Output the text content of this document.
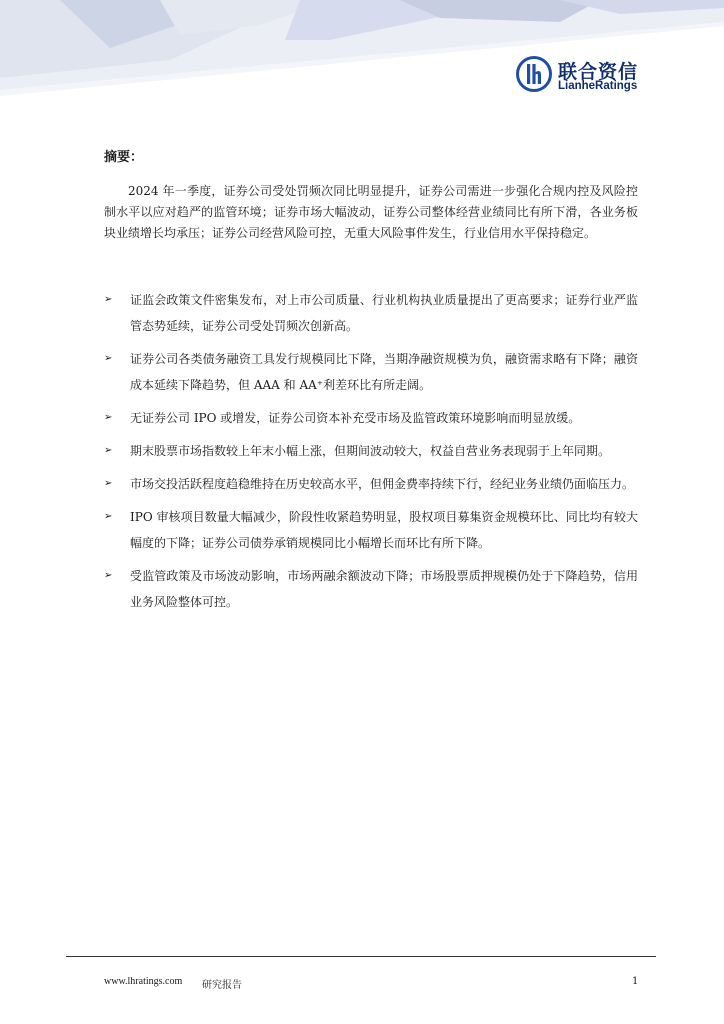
联合资信
LianheRatings
摘要：

2024 年一季度，证券公司受处罚频次同比明显提升，证券公司需进一步强化合规内控及风险控制水平以应对趋严的监管环境；证券市场大幅波动，证券公司整体经营业绩同比有所下滑，各业务板块业绩增长均承压；证券公司经营风险可控，无重大风险事件发生，行业信用水平保持稳定。

➢ 证监会政策文件密集发布，对上市公司质量、行业机构执业质量提出了更高要求；证券行业严监管态势延续，证券公司受处罚频次创新高。
➢ 证券公司各类债务融资工具发行规模同比下降，当期净融资规模为负，融资需求略有下降；融资成本延续下降趋势，但 AAA 和 AA⁺利差环比有所走阔。
➢ 无证券公司 IPO 或增发，证券公司资本补充受市场及监管政策环境影响而明显放缓。
➢ 期末股票市场指数较上年末小幅上涨，但期间波动较大，权益自营业务表现弱于上年同期。
➢ 市场交投活跃程度趋稳维持在历史较高水平，但佣金费率持续下行，经纪业务业绩仍面临压力。
➢ IPO 审核项目数量大幅减少，阶段性收紧趋势明显，股权项目募集资金规模环比、同比均有较大幅度的下降；证券公司债券承销规模同比小幅增长而环比有所下降。
➢ 受监管政策及市场波动影响，市场两融余额波动下降；市场股票质押规模仍处于下降趋势，信用业务风险整体可控。
www.lhratings.com 研究报告	1
